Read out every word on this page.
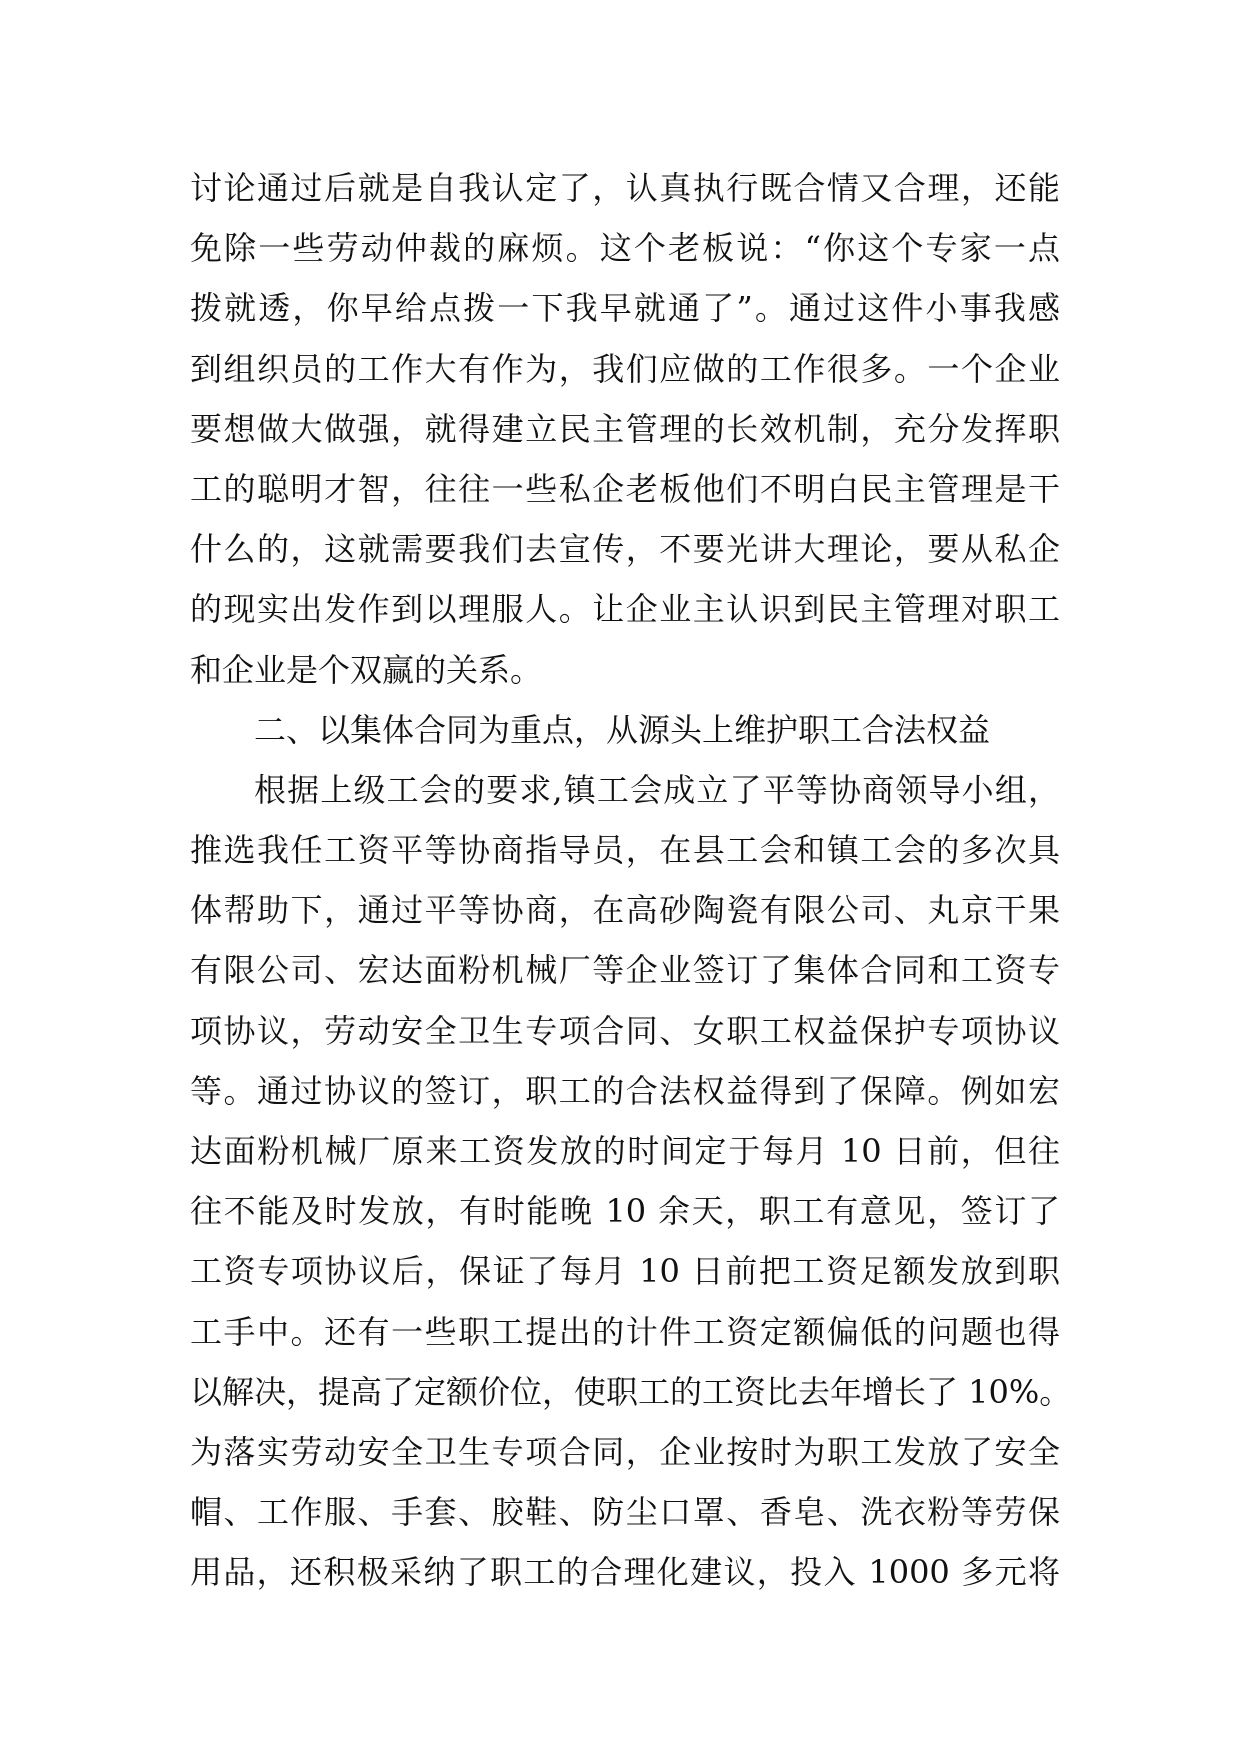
讨论通过后就是自我认定了，认真执行既合情又合理，还能
免除一些劳动仲裁的麻烦。这个老板说：“你这个专家一点
拨就透，你早给点拨一下我早就通了”。通过这件小事我感
到组织员的工作大有作为，我们应做的工作很多。一个企业
要想做大做强，就得建立民主管理的长效机制，充分发挥职
工的聪明才智，往往一些私企老板他们不明白民主管理是干
什么的，这就需要我们去宣传，不要光讲大理论，要从私企
的现实出发作到以理服人。让企业主认识到民主管理对职工
和企业是个双赢的关系。
二、以集体合同为重点，从源头上维护职工合法权益
根据上级工会的要求,镇工会成立了平等协商领导小组，
推选我任工资平等协商指导员，在县工会和镇工会的多次具
体帮助下，通过平等协商，在高砂陶瓷有限公司、丸京干果
有限公司、宏达面粉机械厂等企业签订了集体合同和工资专
项协议，劳动安全卫生专项合同、女职工权益保护专项协议
等。通过协议的签订，职工的合法权益得到了保障。例如宏
达面粉机械厂原来工资发放的时间定于每月 10 日前，但往
往不能及时发放，有时能晚 10 余天，职工有意见，签订了
工资专项协议后，保证了每月 10 日前把工资足额发放到职
工手中。还有一些职工提出的计件工资定额偏低的问题也得
以解决，提高了定额价位，使职工的工资比去年增长了 10%。
为落实劳动安全卫生专项合同，企业按时为职工发放了安全
帽、工作服、手套、胶鞋、防尘口罩、香皂、洗衣粉等劳保
用品，还积极采纳了职工的合理化建议，投入 1000 多元将
